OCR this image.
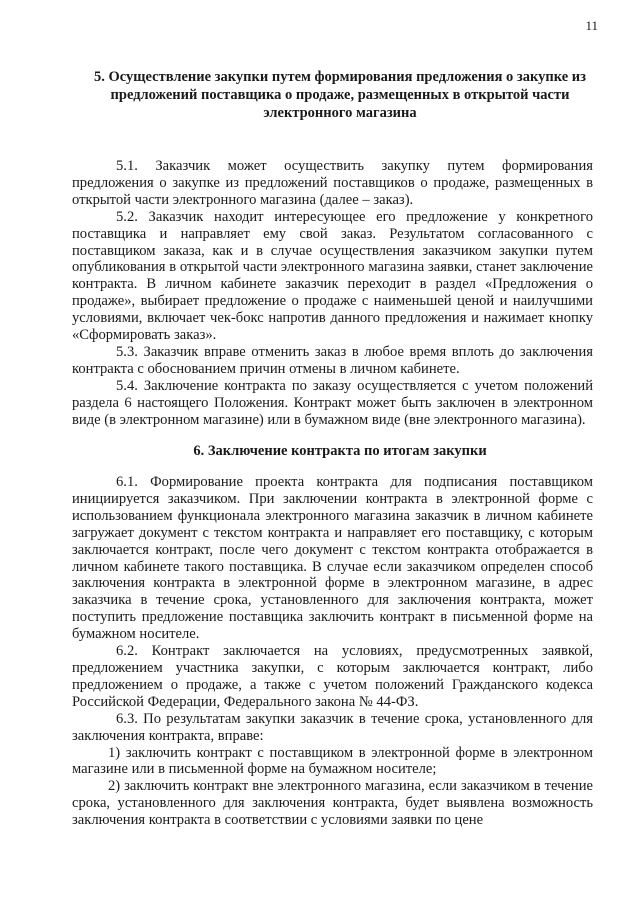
11
5. Осуществление закупки путем формирования предложения о закупке из предложений поставщика о продаже, размещенных в открытой части электронного магазина

5.1. Заказчик может осуществить закупку путем формирования предложения о закупке из предложений поставщиков о продаже, размещенных в открытой части электронного магазина (далее – заказ).

5.2. Заказчик находит интересующее его предложение у конкретного поставщика и направляет ему свой заказ. Результатом согласованного с поставщиком заказа, как и в случае осуществления заказчиком закупки путем опубликования в открытой части электронного магазина заявки, станет заключение контракта. В личном кабинете заказчик переходит в раздел «Предложения о продаже», выбирает предложение о продаже с наименьшей ценой и наилучшими условиями, включает чек-бокс напротив данного предложения и нажимает кнопку «Сформировать заказ».

5.3. Заказчик вправе отменить заказ в любое время вплоть до заключения контракта с обоснованием причин отмены в личном кабинете.

5.4. Заключение контракта по заказу осуществляется с учетом положений раздела 6 настоящего Положения. Контракт может быть заключен в электронном виде (в электронном магазине) или в бумажном виде (вне электронного магазина).

6. Заключение контракта по итогам закупки

6.1. Формирование проекта контракта для подписания поставщиком инициируется заказчиком. При заключении контракта в электронной форме с использованием функционала электронного магазина заказчик в личном кабинете загружает документ с текстом контракта и направляет его поставщику, с которым заключается контракт, после чего документ с текстом контракта отображается в личном кабинете такого поставщика. В случае если заказчиком определен способ заключения контракта в электронной форме в электронном магазине, в адрес заказчика в течение срока, установленного для заключения контракта, может поступить предложение поставщика заключить контракт в письменной форме на бумажном носителе.

6.2. Контракт заключается на условиях, предусмотренных заявкой, предложением участника закупки, с которым заключается контракт, либо предложением о продаже, а также с учетом положений Гражданского кодекса Российской Федерации, Федерального закона № 44-ФЗ.

6.3. По результатам закупки заказчик в течение срока, установленного для заключения контракта, вправе:

1) заключить контракт с поставщиком в электронной форме в электронном магазине или в письменной форме на бумажном носителе;

2) заключить контракт вне электронного магазина, если заказчиком в течение срока, установленного для заключения контракта, будет выявлена возможность заключения контракта в соответствии с условиями заявки по цене
